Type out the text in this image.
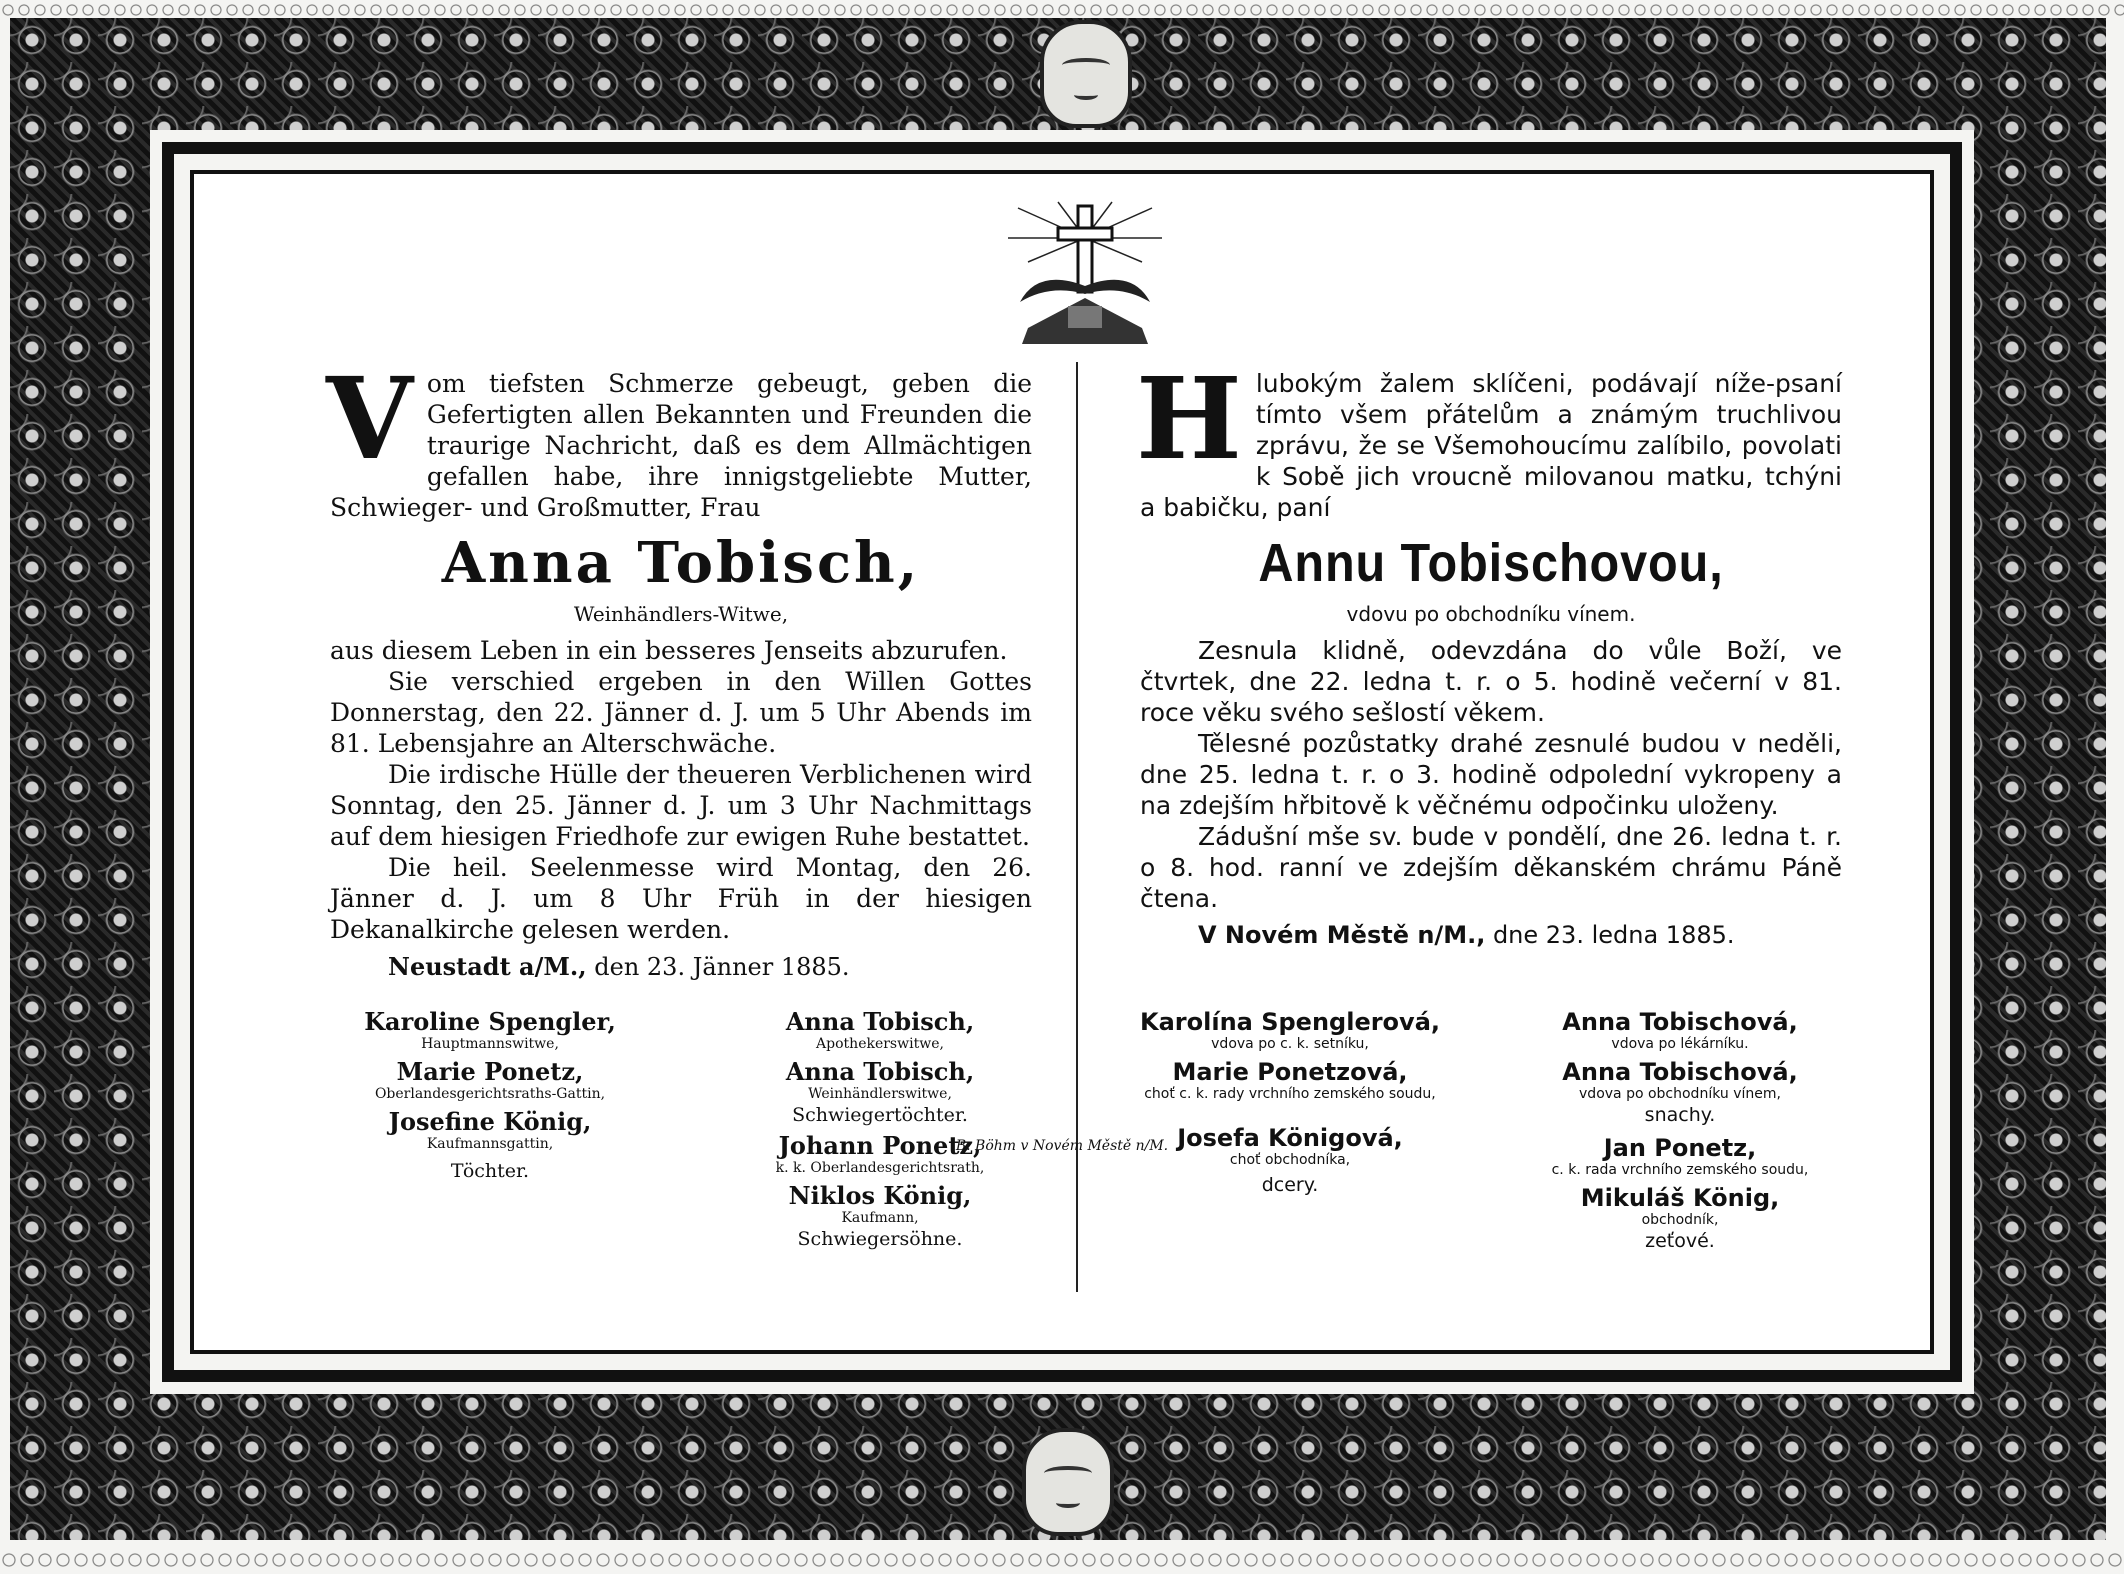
Vom tiefsten Schmerze gebeugt, geben die Gefertigten allen Bekannten und Freunden die traurige Nachricht, daß es dem Allmächtigen gefallen habe, ihre innigstgeliebte Mutter, Schwieger- und Großmutter, Frau

Anna Tobisch,
Weinhändlers-Witwe,

aus diesem Leben in ein besseres Jenseits abzurufen.

Sie verschied ergeben in den Willen Gottes Donnerstag, den 22. Jänner d. J. um 5 Uhr Abends im 81. Lebensjahre an Alterschwäche.

Die irdische Hülle der theueren Verblichenen wird Sonntag, den 25. Jänner d. J. um 3 Uhr Nachmittags auf dem hiesigen Friedhofe zur ewigen Ruhe bestattet.

Die heil. Seelenmesse wird Montag, den 26. Jänner d. J. um 8 Uhr Früh in der hiesigen Dekanalkirche gelesen werden.

Neustadt a/M., den 23. Jänner 1885.

Karoline Spengler,
Hauptmannswitwe,
Marie Ponetz,
Oberlandesgerichtsraths-Gattin,
Josefine König,
Kaufmannsgattin,
Töchter.
Anna Tobisch,
Apothekerswitwe,
Anna Tobisch,
Weinhändlerswitwe,
Schwiegertöchter.
Johann Ponetz,
k. k. Oberlandesgerichtsrath,
Niklos König,
Kaufmann,
Schwiegersöhne.

Hlubokým žalem sklíčeni, podávají níže-psaní tímto všem přátelům a známým truchlivou zprávu, že se Všemohoucímu zalíbilo, povolati k Sobě jich vroucně milovanou matku, tchýni a babičku, paní

Annu Tobischovou,
vdovu po obchodníku vínem.

Zesnula klidně, odevzdána do vůle Boží, ve čtvrtek, dne 22. ledna t. r. o 5. hodině večerní v 81. roce věku svého sešlostí věkem.

Tělesné pozůstatky drahé zesnulé budou v neděli, dne 25. ledna t. r. o 3. hodině odpolední vykropeny a na zdejším hřbitově k věčnému odpočinku uloženy.

Zádušní mše sv. bude v pondělí, dne 26. ledna t. r. o 8. hod. ranní ve zdejším děkanském chrámu Páně čtena.

V Novém Městě n/M., dne 23. ledna 1885.

Karolína Spenglerová,
vdova po c. k. setníku,
Marie Ponetzová,
choť c. k. rady vrchního zemského soudu,
Josefa Königová,
choť obchodníka,
dcery.
Anna Tobischová,
vdova po lékárníku.
Anna Tobischová,
vdova po obchodníku vínem,
snachy.
Jan Ponetz,
c. k. rada vrchního zemského soudu,
Mikuláš König,
obchodník,
zeťové.
B. Böhm v Novém Městě n/M.
